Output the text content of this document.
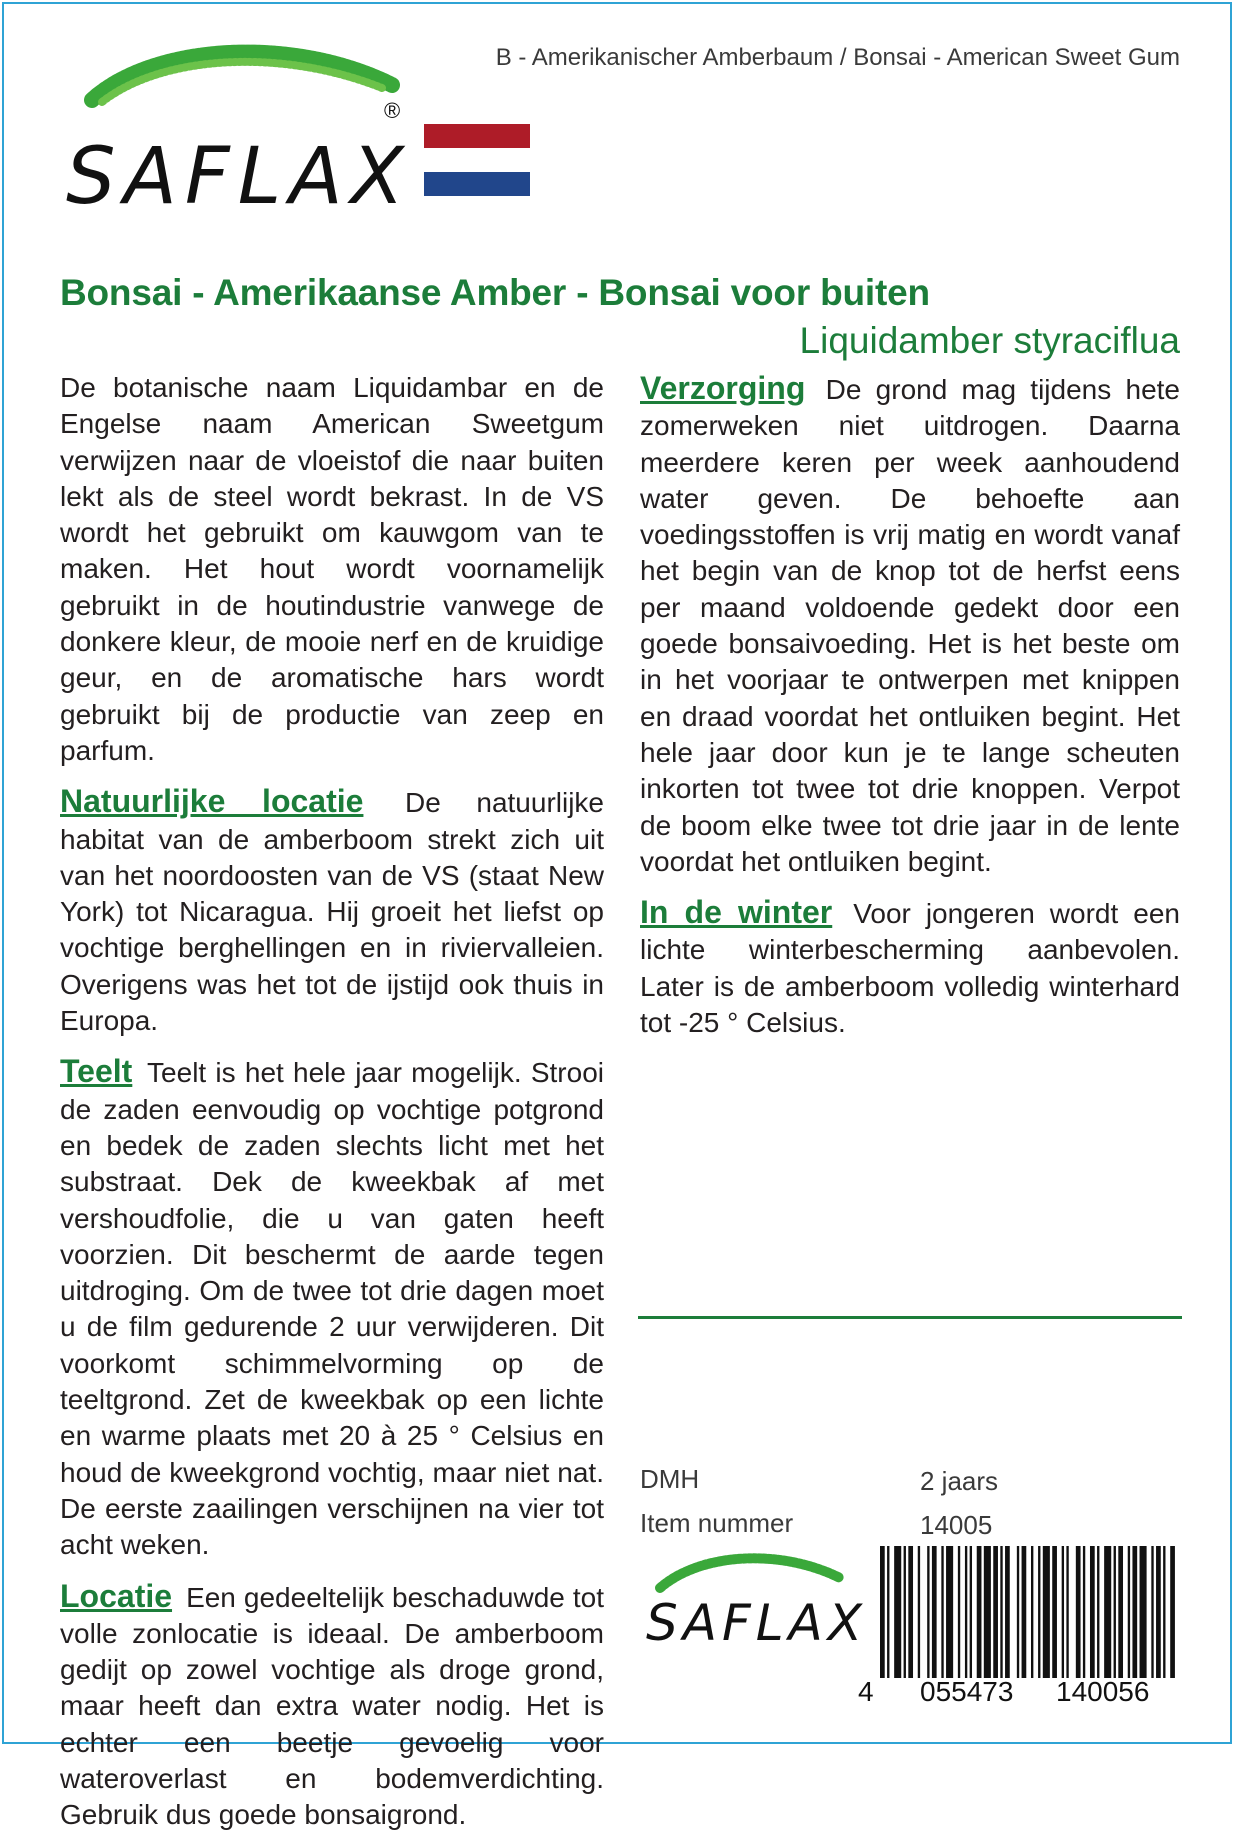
SAFLAX
®
B - Amerikanischer Amberbaum / Bonsai - American Sweet Gum
Bonsai - Amerikaanse Amber - Bonsai voor buiten
Liquidamber styraciflua

De botanische naam Liquidambar en de Engelse naam American Sweetgum verwijzen naar de vloeistof die naar buiten lekt als de steel wordt bekrast. In de VS wordt het gebruikt om kauwgom van te maken. Het hout wordt voornamelijk gebruikt in de houtindustrie vanwege de donkere kleur, de mooie nerf en de kruidige geur, en de aromatische hars wordt gebruikt bij de productie van zeep en parfum.

Natuurlijke locatie De natuurlijke habitat van de amberboom strekt zich uit van het noordoosten van de VS (staat New York) tot Nicaragua. Hij groeit het liefst op vochtige berghellingen en in riviervalleien. Overigens was het tot de ijstijd ook thuis in Europa.

Teelt Teelt is het hele jaar mogelijk. Strooi de zaden eenvoudig op vochtige potgrond en bedek de zaden slechts licht met het substraat. Dek de kweekbak af met vershoudfolie, die u van gaten heeft voorzien. Dit beschermt de aarde tegen uitdroging. Om de twee tot drie dagen moet u de film gedurende 2 uur verwijderen. Dit voorkomt schimmelvorming op de teeltgrond. Zet de kweekbak op een lichte en warme plaats met 20 à 25 ° Celsius en houd de kweekgrond vochtig, maar niet nat. De eerste zaailingen verschijnen na vier tot acht weken.

Locatie Een gedeeltelijk beschaduwde tot volle zonlocatie is ideaal. De amberboom gedijt op zowel vochtige als droge grond, maar heeft dan extra water nodig. Het is echter een beetje gevoelig voor wateroverlast en bodemverdichting. Gebruik dus goede bonsaigrond.

Verzorging De grond mag tijdens hete zomerweken niet uitdrogen. Daarna meerdere keren per week aanhoudend water geven. De behoefte aan voedingsstoffen is vrij matig en wordt vanaf het begin van de knop tot de herfst eens per maand voldoende gedekt door een goede bonsaivoeding. Het is het beste om in het voorjaar te ontwerpen met knippen en draad voordat het ontluiken begint. Het hele jaar door kun je te lange scheuten inkorten tot twee tot drie knoppen. Verpot de boom elke twee tot drie jaar in de lente voordat het ontluiken begint.

In de winter Voor jongeren wordt een lichte winterbescherming aanbevolen. Later is de amberboom volledig winterhard tot -25 ° Celsius.

DMH	2 jaars
Item nummer	14005
SAFLAX
4 055473 140056
